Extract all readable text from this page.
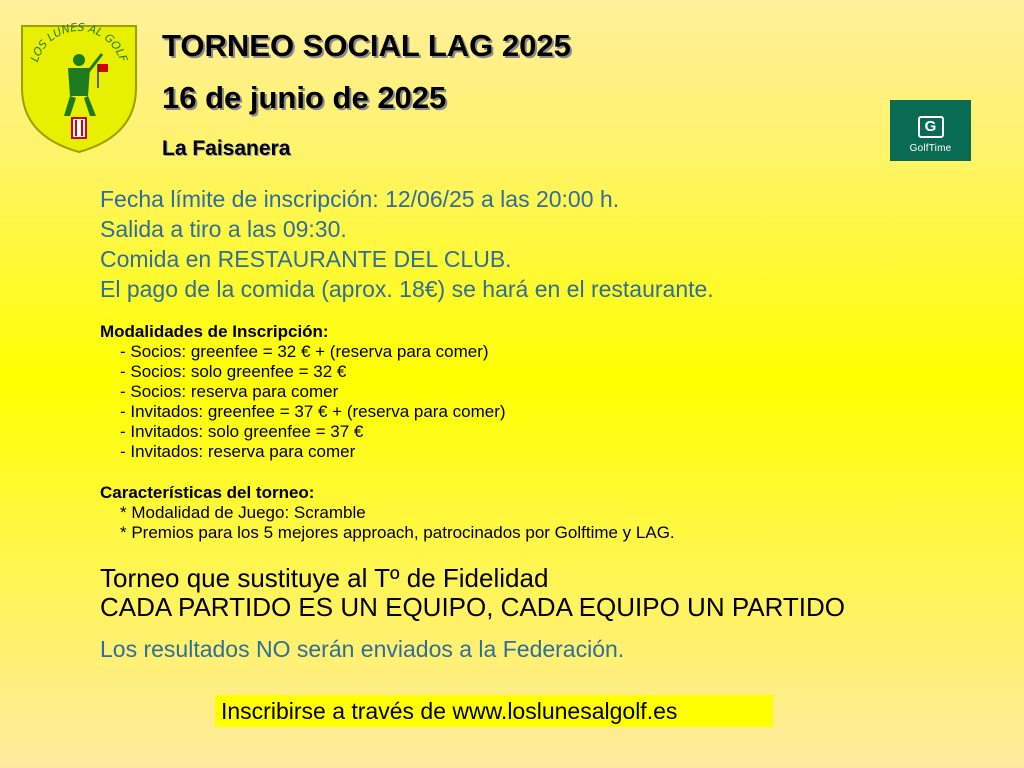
LOS LUNES AL GOLF TORNEO SOCIAL LAG 2025
16 de junio de 2025
La Faisanera
G
GolfTime
Fecha límite de inscripción: 12/06/25 a las 20:00 h.
Salida a tiro a las 09:30.
Comida en RESTAURANTE DEL CLUB.
El pago de la comida (aprox. 18€) se hará en el restaurante.
Modalidades de Inscripción:
- Socios: greenfee = 32 € + (reserva para comer)
- Socios: solo greenfee = 32 €
- Socios: reserva para comer
- Invitados: greenfee = 37 € + (reserva para comer)
- Invitados: solo greenfee = 37 €
- Invitados: reserva para comer
Características del torneo:
* Modalidad de Juego: Scramble
* Premios para los 5 mejores approach, patrocinados por Golftime y LAG.
Torneo que sustituye al Tº de Fidelidad
CADA PARTIDO ES UN EQUIPO, CADA EQUIPO UN PARTIDO
Los resultados NO serán enviados a la Federación.
Inscribirse a través de www.loslunesalgolf.es
